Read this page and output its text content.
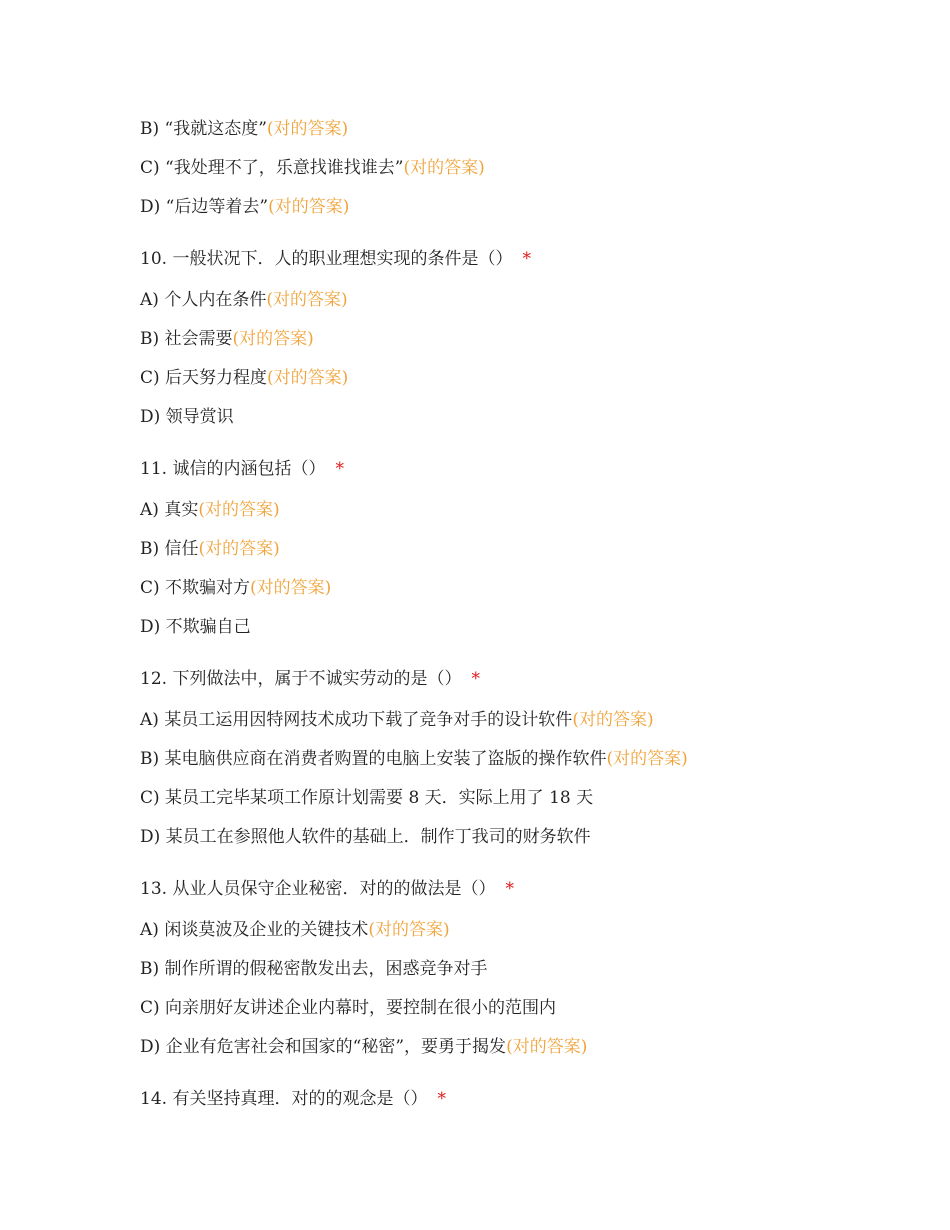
B) “我就这态度”(对的答案)
C) “我处理不了，乐意找谁找谁去”(对的答案)
D) “后边等着去”(对的答案)
10. 一般状况下．人的职业理想实现的条件是（） *
A) 个人内在条件(对的答案)
B) 社会需要(对的答案)
C) 后天努力程度(对的答案)
D) 领导赏识
11. 诚信的内涵包括（） *
A) 真实(对的答案)
B) 信任(对的答案)
C) 不欺骗对方(对的答案)
D) 不欺骗自己
12. 下列做法中，属于不诚实劳动的是（） *
A) 某员工运用因特网技术成功下载了竞争对手的设计软件(对的答案)
B) 某电脑供应商在消费者购置的电脑上安装了盗版的操作软件(对的答案)
C) 某员工完毕某项工作原计划需要 8 天．实际上用了 18 天
D) 某员工在参照他人软件的基础上．制作丁我司的财务软件
13. 从业人员保守企业秘密．对的的做法是（） *
A) 闲谈莫波及企业的关键技术(对的答案)
B) 制作所谓的假秘密散发出去，困惑竞争对手
C) 向亲朋好友讲述企业内幕时，要控制在很小的范围内
D) 企业有危害社会和国家的“秘密”，要勇于揭发(对的答案)
14. 有关坚持真理．对的的观念是（） *
